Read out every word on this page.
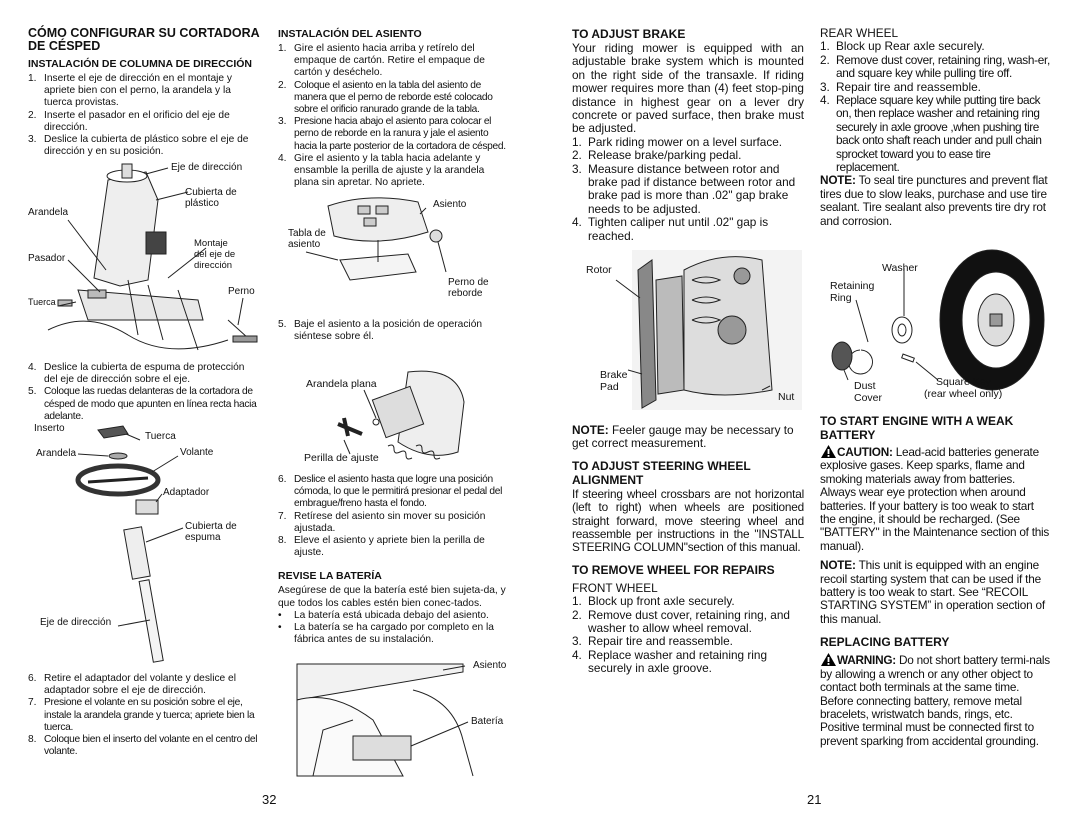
CÓMO CONFIGURAR SU CORTADORA
DE CÉSPED
INSTALACIÓN DE COLUMNA DE DIRECCIÓN
1. Inserte el eje de dirección en el montaje y apriete bien con el perno, la arandela y la tuerca provistas.
2. Inserte el pasador en el orificio del eje de dirección.
3. Deslice la cubierta de plástico sobre el eje de dirección y en su posición.
Eje de dirección
Cubierta de
plástico
Arandela
Montaje
del eje de
dirección
Pasador
Perno
Tuerca
4. Deslice la cubierta de espuma de protección del eje de dirección sobre el eje.
5. Coloque las ruedas delanteras de la cortadora de césped de modo que apunten en línea recta hacia adelante.
Inserto
Tuerca
Arandela	Volante
Adaptador
Cubierta de
espuma
Eje de dirección
6. Retire el adaptador del volante y deslice el adaptador sobre el eje de dirección.
7. Presione el volante en su posición sobre el eje, instale la arandela grande y tuerca; apriete bien la tuerca.
8. Coloque bien el inserto del volante en el centro del volante.
INSTALACIÓN DEL ASIENTO
1. Gire el asiento hacia arriba y retírelo del empaque de cartón. Retire el empaque de cartón y deséchelo.
2. Coloque el asiento en la tabla del asiento de manera que el perno de reborde esté colocado sobre el orificio ranurado grande de la tabla.
3. Presione hacia abajo el asiento para colocar el perno de reborde en la ranura y jale el asiento hacia la parte posterior de la cortadora de césped.
4. Gire el asiento y la tabla hacia adelante y ensamble la perilla de ajuste y la arandela plana sin apretar. No apriete.
Asiento
Tabla de
asiento
Perno de
reborde
5. Baje el asiento a la posición de operación siéntese sobre él.
Arandela plana
Perilla de ajuste
6. Deslice el asiento hasta que logre una posición cómoda, lo que le permitirá presionar el pedal del embrague/freno hasta el fondo.
7. Retírese del asiento sin mover su posición ajustada.
8. Eleve el asiento y apriete bien la perilla de ajuste.
REVISE LA BATERÍA
Asegúrese de que la batería esté bien sujeta-da, y que todos los cables estén bien conec-tados.
•	La batería está ubicada debajo del asiento.
•	La batería se ha cargado por completo en la fábrica antes de su instalación.
Asiento
Batería
32
TO ADJUST BRAKE
Your riding mower is equipped with an adjustable brake system which is mounted on the right side of the transaxle. If riding mower requires more than (4) feet stop-ping distance in highest gear on a lever dry concrete or paved surface, then brake must be adjusted.
1. Park riding mower on a level surface.
2. Release brake/parking pedal.
3. Measure distance between rotor and brake pad if distance between rotor and brake pad is more than .02" gap brake needs to be adjusted.
4. Tighten caliper nut until .02" gap is reached.
Rotor
Brake
Pad
Nut
NOTE: Feeler gauge may be necessary to get correct measurement.
TO ADJUST STEERING WHEEL
ALIGNMENT
If steering wheel crossbars are not horizontal (left to right) when wheels are positioned straight forward, move steering wheel and reassemble per instructions in the "INSTALL STEERING COLUMN"section of this manual.
TO REMOVE WHEEL FOR REPAIRS
FRONT WHEEL
1. Block up front axle securely.
2. Remove dust cover, retaining ring, and washer to allow wheel removal.
3. Repair tire and reassemble.
4. Replace washer and retaining ring securely in axle groove.
REAR WHEEL
1. Block up Rear axle securely.
2. Remove dust cover, retaining ring, wash-er, and square key while pulling tire off.
3. Repair tire and reassemble.
4. Replace square key while putting tire back on, then replace washer and retaining ring securely in axle groove ,when pushing tire back onto shaft reach under and pull chain sprocket toward you to ease tire replacement.
NOTE: To seal tire punctures and prevent flat tires due to slow leaks, purchase and use tire sealant. Tire sealant also prevents tire dry rot and corrosion.
Washer
Retaining
Ring
Dust
Cover
Square Key
(rear wheel only)
TO START ENGINE WITH A WEAK
BATTERY
CAUTION: Lead-acid batteries generate explosive gases. Keep sparks, flame and smoking materials away from batteries. Always wear eye protection when around batteries. If your battery is too weak to start the engine, it should be recharged. (See "BATTERY" in the Maintenance section of this manual).
NOTE: This unit is equipped with an engine recoil starting system that can be used if the battery is too weak to start. See “RECOIL STARTING SYSTEM” in operation section of this manual.
REPLACING BATTERY
WARNING: Do not short battery termi-nals by allowing a wrench or any other object to contact both terminals at the same time. Before connecting battery, remove metal bracelets, wristwatch bands, rings, etc. Positive terminal must be connected first to prevent sparking from accidental grounding.
21
